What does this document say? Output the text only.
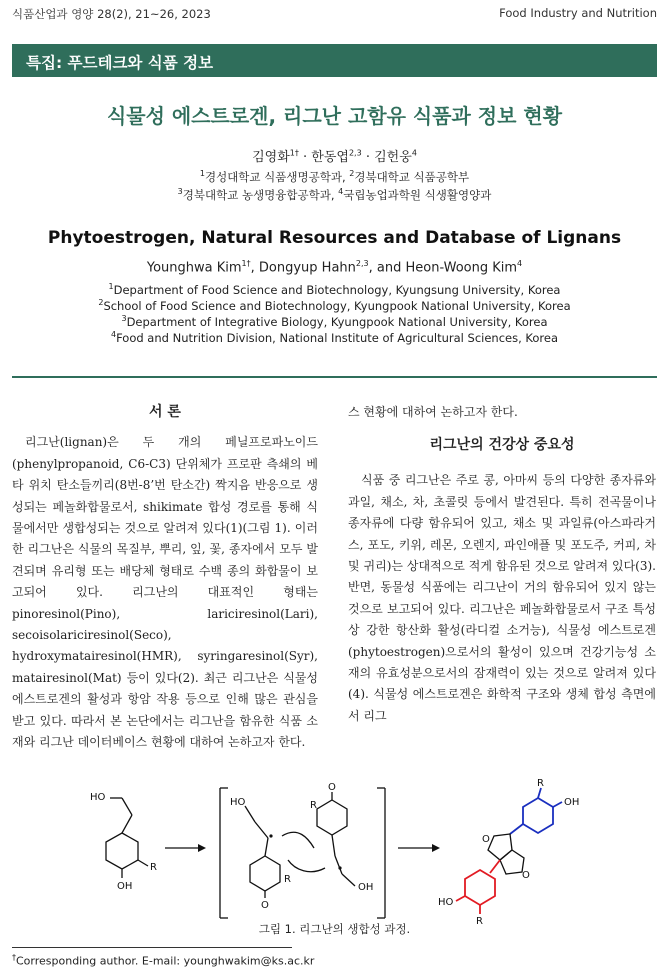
식품산업과 영양 28(2), 21~26, 2023	Food Industry and Nutrition
특집: 푸드테크와 식품 정보
식물성 에스트로겐, 리그난 고함유 식품과 정보 현황
김영화$^{1\dagger}$ · 한동엽$^{2,3}$ · 김헌웅$^4$
$^1$경성대학교 식품생명공학과, $^2$경북대학교 식품공학부
$^3$경북대학교 농생명융합공학과, $^4$국립농업과학원 식생활영양과
Phytoestrogen, Natural Resources and Database of Lignans
Younghwa Kim$^{1\dagger}$, Dongyup Hahn$^{2,3}$, and Heon-Woong Kim$^4$
$^1$Department of Food Science and Biotechnology, Kyungsung University, Korea
$^2$School of Food Science and Biotechnology, Kyungpook National University, Korea
$^3$Department of Integrative Biology, Kyungpook National University, Korea
$^4$Food and Nutrition Division, National Institute of Agricultural Sciences, Korea

서 론

리그난(lignan)은 두 개의 페닐프로파노이드(phenylpropanoid, C6-C3) 단위체가 프로판 측쇄의 베타 위치 탄소들끼리(8번-8’번 탄소간) 짝지음 반응으로 생성되는 페놀화합물로서, shikimate 합성 경로를 통해 식물에서만 생합성되는 것으로 알려져 있다(1)(그림 1). 이러한 리그난은 식물의 목질부, 뿌리, 잎, 꽃, 종자에서 모두 발견되며 유리형 또는 배당체 형태로 수백 종의 화합물이 보고되어 있다. 리그난의 대표적인 형태는 pinoresinol(Pino), lariciresinol(Lari), secoisolariciresinol(Seco), hydroxymatairesinol(HMR), syringaresinol(Syr), matairesinol(Mat) 등이 있다(2). 최근 리그난은 식물성 에스트로겐의 활성과 항암 작용 등으로 인해 많은 관심을 받고 있다. 따라서 본 논단에서는 리그난을 함유한 식품 소재와 리그난 데이터베이스 현황에 대하여 논하고자 한다.

스 현황에 대하여 논하고자 한다.

리그난의 건강상 중요성

식품 중 리그난은 주로 콩, 아마씨 등의 다양한 종자류와 과일, 채소, 차, 초콜릿 등에서 발견된다. 특히 전곡물이나 종자류에 다량 함유되어 있고, 채소 및 과일류(아스파라거스, 포도, 키위, 레몬, 오렌지, 파인애플 및 포도주, 커피, 차 및 귀리)는 상대적으로 적게 함유된 것으로 알려져 있다(3). 반면, 동물성 식품에는 리그난이 거의 함유되어 있지 않는 것으로 보고되어 있다. 리그난은 페놀화합물로서 구조 특성상 강한 항산화 활성(라디컬 소거능), 식물성 에스트로겐(phytoestrogen)으로서의 활성이 있으며 건강기능성 소재의 유효성분으로서의 잠재력이 있는 것으로 알려져 있다(4). 식물성 에스트로겐은 화학적 구조와 생체 합성 측면에서 리그

HO
R
OH
HO
O
R
O
R
OH
R
OH
O
O
HO
R
그림 1. 리그난의 생합성 과정.
†Corresponding author. E-mail: younghwakim@ks.ac.kr
